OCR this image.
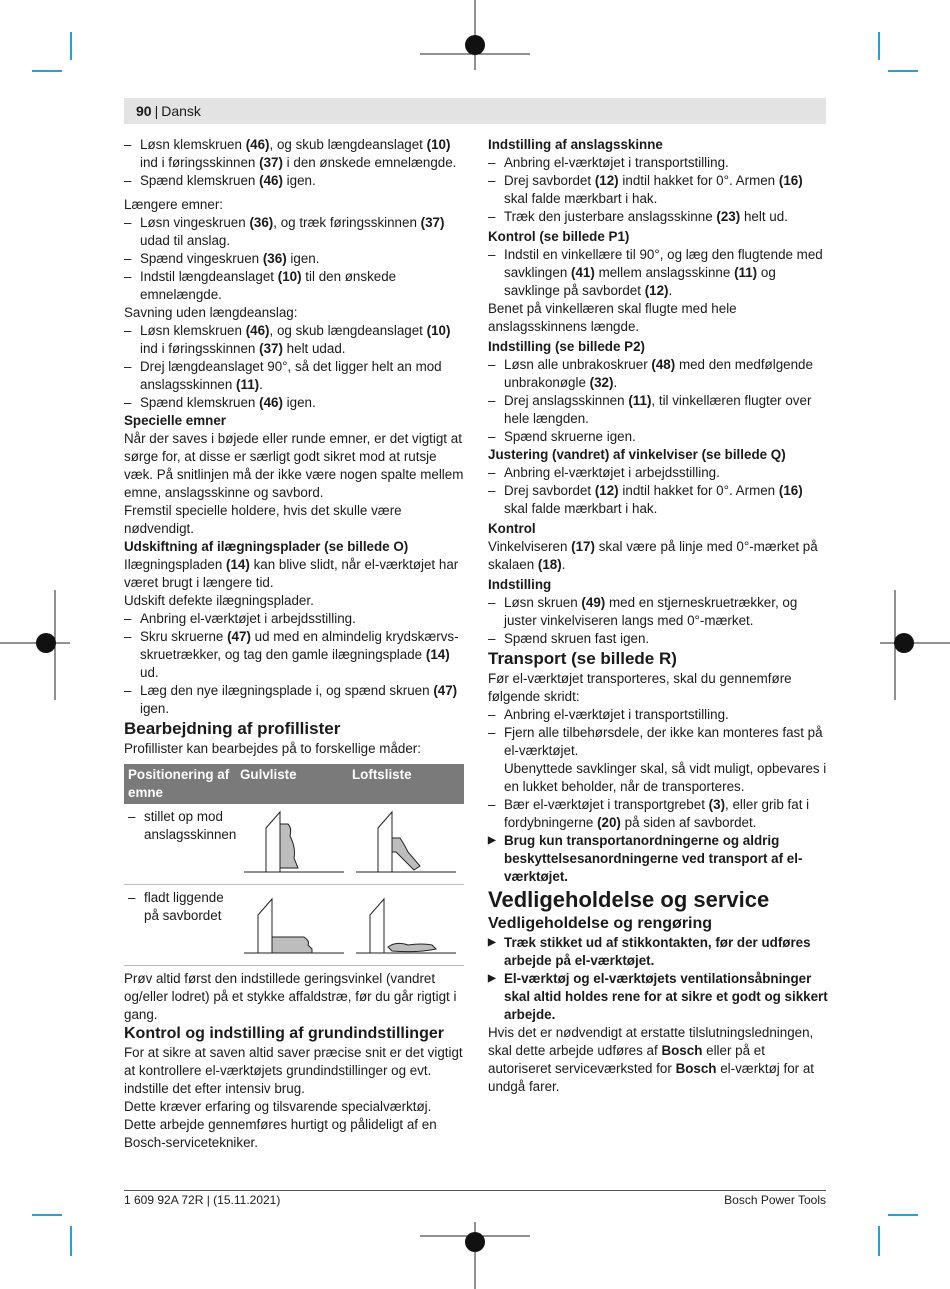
90 | Dansk

– Løsn klemskruen (46), og skub længdeanslaget (10) ind i føringsskinnen (37) i den ønskede emnelængde.

– Spænd klemskruen (46) igen.

Længere emner:

– Løsn vingeskruen (36), og træk føringsskinnen (37) udad til anslag.

– Spænd vingeskruen (36) igen.

– Indstil længdeanslaget (10) til den ønskede emnelængde.

Savning uden længdeanslag:

– Løsn klemskruen (46), og skub længdeanslaget (10) ind i føringsskinnen (37) helt udad.

– Drej længdeanslaget 90°, så det ligger helt an mod anslagsskinnen (11).

– Spænd klemskruen (46) igen.

Specielle emner

Når der saves i bøjede eller runde emner, er det vigtigt at sørge for, at disse er særligt godt sikret mod at rutsje væk. På snitlinjen må der ikke være nogen spalte mellem emne, anslagsskinne og savbord.

Fremstil specielle holdere, hvis det skulle være nødvendigt.

Udskiftning af ilægningsplader (se billede O)

Ilægningspladen (14) kan blive slidt, når el-værktøjet har været brugt i længere tid.

Udskift defekte ilægningsplader.

– Anbring el-værktøjet i arbejdsstilling.

– Skru skruerne (47) ud med en almindelig krydskærvs-skruetrækker, og tag den gamle ilægningsplade (14) ud.

– Læg den nye ilægningsplade i, og spænd skruen (47) igen.

Bearbejdning af profillister

Profillister kan bearbejdes på to forskellige måder:

Positionering af emne
Gulvliste	Loftsliste
– stillet op mod anslagsskinnen
– fladt liggende på savbordet

Prøv altid først den indstillede geringsvinkel (vandret og/eller lodret) på et stykke affaldstræ, før du går rigtigt i gang.

Kontrol og indstilling af grundindstillinger

For at sikre at saven altid saver præcise snit er det vigtigt at kontrollere el-værktøjets grundindstillinger og evt. indstille det efter intensiv brug.

Dette kræver erfaring og tilsvarende specialværktøj.

Dette arbejde gennemføres hurtigt og pålideligt af en Bosch-servicetekniker.

Indstilling af anslagsskinne

– Anbring el-værktøjet i transportstilling.

– Drej savbordet (12) indtil hakket for 0°. Armen (16) skal falde mærkbart i hak.

– Træk den justerbare anslagsskinne (23) helt ud.

Kontrol (se billede P1)

– Indstil en vinkellære til 90°, og læg den flugtende med savklingen (41) mellem anslagsskinne (11) og savklinge på savbordet (12).

Benet på vinkellæren skal flugte med hele anslagsskinnens længde.

Indstilling (se billede P2)

– Løsn alle unbrakoskruer (48) med den medfølgende unbrakonøgle (32).

– Drej anslagsskinnen (11), til vinkellæren flugter over hele længden.

– Spænd skruerne igen.

Justering (vandret) af vinkelviser (se billede Q)

– Anbring el-værktøjet i arbejdsstilling.

– Drej savbordet (12) indtil hakket for 0°. Armen (16) skal falde mærkbart i hak.

Kontrol

Vinkelviseren (17) skal være på linje med 0°-mærket på skalaen (18).

Indstilling

– Løsn skruen (49) med en stjerneskruetrækker, og juster vinkelviseren langs med 0°-mærket.

– Spænd skruen fast igen.

Transport (se billede R)

Før el-værktøjet transporteres, skal du gennemføre følgende skridt:

– Anbring el-værktøjet i transportstilling.

– Fjern alle tilbehørsdele, der ikke kan monteres fast på el-værktøjet.
Ubenyttede savklinger skal, så vidt muligt, opbevares i en lukket beholder, når de transporteres.

– Bær el-værktøjet i transportgrebet (3), eller grib fat i fordybningerne (20) på siden af savbordet.

▶ Brug kun transportanordningerne og aldrig beskyttelsesanordningerne ved transport af el-værktøjet.

Vedligeholdelse og service

Vedligeholdelse og rengøring

▶ Træk stikket ud af stikkontakten, før der udføres arbejde på el-værktøjet.

▶ El-værktøj og el-værktøjets ventilationsåbninger skal altid holdes rene for at sikre et godt og sikkert arbejde.

Hvis det er nødvendigt at erstatte tilslutningsledningen, skal dette arbejde udføres af Bosch eller på et autoriseret serviceværksted for Bosch el-værktøj for at undgå farer.

1 609 92A 72R | (15.11.2021)	Bosch Power Tools
